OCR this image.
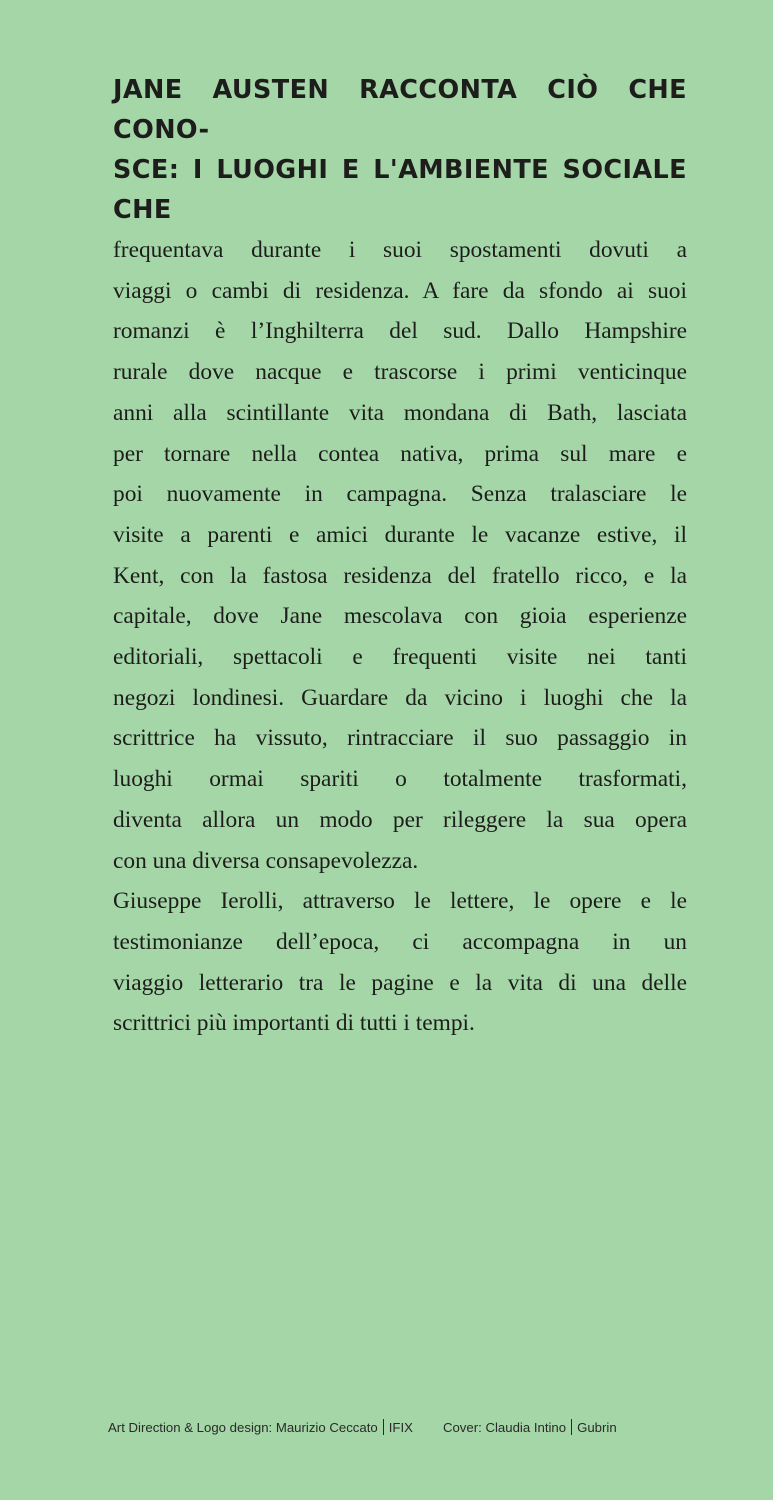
JANE AUSTEN RACCONTA CIÒ CHE CONO-
SCE: I LUOGHI E L'AMBIENTE SOCIALE CHE
frequentava durante i suoi spostamenti dovuti a
viaggi o cambi di residenza. A fare da sfondo ai suoi
romanzi è l’Inghilterra del sud. Dallo Hampshire
rurale dove nacque e trascorse i primi venticinque
anni alla scintillante vita mondana di Bath, lasciata
per tornare nella contea nativa, prima sul mare e
poi nuovamente in campagna. Senza tralasciare le
visite a parenti e amici durante le vacanze estive, il
Kent, con la fastosa residenza del fratello ricco, e la
capitale, dove Jane mescolava con gioia esperienze
editoriali, spettacoli e frequenti visite nei tanti
negozi londinesi. Guardare da vicino i luoghi che la
scrittrice ha vissuto, rintracciare il suo passaggio in
luoghi ormai spariti o totalmente trasformati,
diventa allora un modo per rileggere la sua opera
con una diversa consapevolezza.
Giuseppe Ierolli, attraverso le lettere, le opere e le
testimonianze dell’epoca, ci accompagna in un
viaggio letterario tra le pagine e la vita di una delle
scrittrici più importanti di tutti i tempi.
Art Direction & Logo design: Maurizio Ceccato IFIX Cover: Claudia Intino Gubrin
